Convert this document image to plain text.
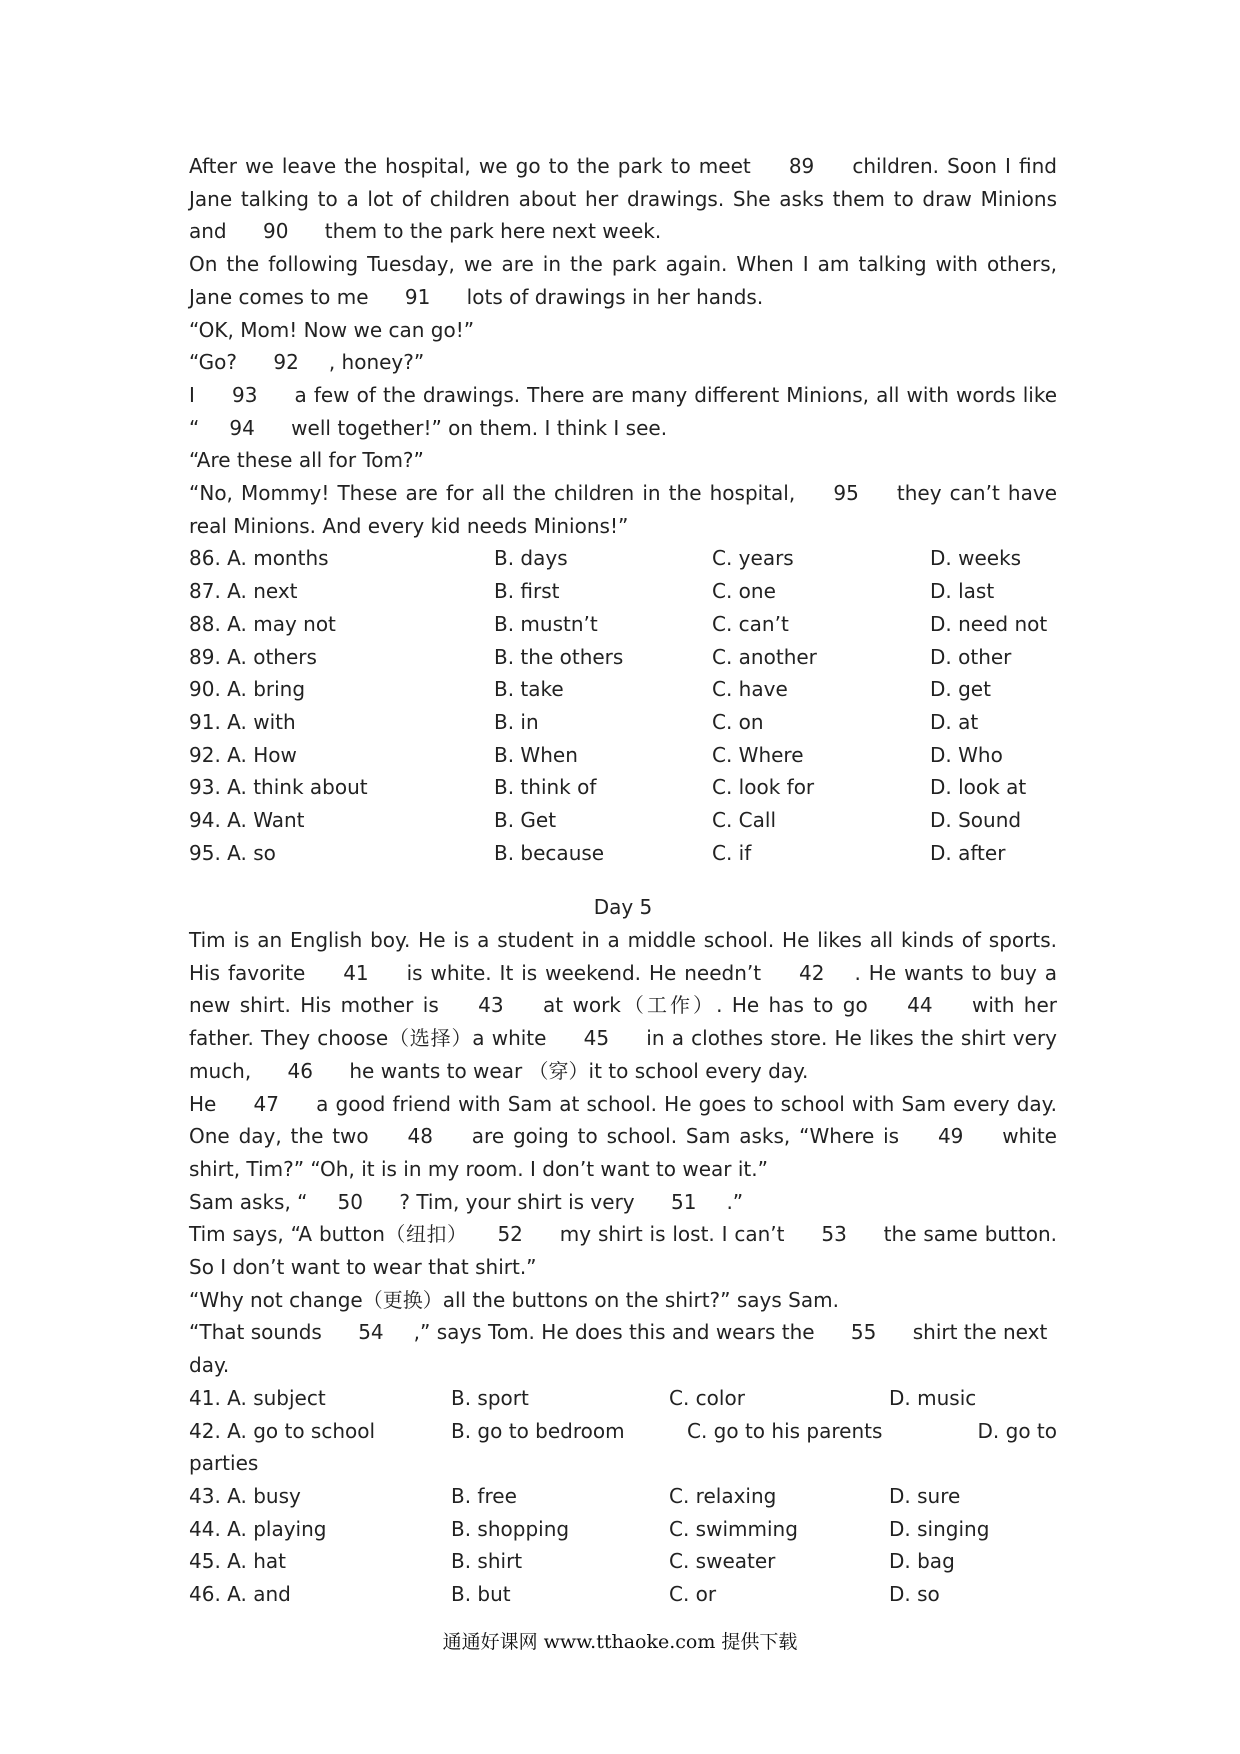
After we leave the hospital, we go to the park to meet 89 children. Soon I find Jane talking to a lot of children about her drawings. She asks them to draw Minions and 90 them to the park here next week.

On the following Tuesday, we are in the park again. When I am talking with others, Jane comes to me 91 lots of drawings in her hands.

“OK, Mom! Now we can go!”

“Go? 92 , honey?”

I 93 a few of the drawings. There are many different Minions, all with words like “ 94 well together!” on them. I think I see.

“Are these all for Tom?”

“No, Mommy! These are for all the children in the hospital, 95 they can’t have real Minions. And every kid needs Minions!”

86. A. months	B. days	C. years	D. weeks
87. A. next	B. first	C. one	D. last
88. A. may not	B. mustn’t	C. can’t	D. need not
89. A. others	B. the others	C. another	D. other
90. A. bring	B. take	C. have	D. get
91. A. with	B. in	C. on	D. at
92. A. How	B. When	C. Where	D. Who
93. A. think about	B. think of	C. look for	D. look at
94. A. Want	B. Get	C. Call	D. Sound
95. A. so	B. because	C. if	D. after

Day 5

Tim is an English boy. He is a student in a middle school. He likes all kinds of sports. His favorite 41 is white. It is weekend. He needn’t 42 . He wants to buy a new shirt. His mother is 43 at work（工作）. He has to go 44 with her father. They choose（选择）a white 45 in a clothes store. He likes the shirt very much, 46 he wants to wear （穿）it to school every day.

He 47 a good friend with Sam at school. He goes to school with Sam every day. One day, the two 48 are going to school. Sam asks, “Where is 49 white shirt, Tim?” “Oh, it is in my room. I don’t want to wear it.”

Sam asks, “ 50 ? Tim, your shirt is very 51 .”

Tim says, “A button（纽扣） 52 my shirt is lost. I can’t 53 the same button. So I don’t want to wear that shirt.”

“Why not change（更换）all the buttons on the shirt?” says Sam.

“That sounds 54 ,” says Tom. He does this and wears the 55 shirt the next day.

41. A. subject	B. sport	C. color	D. music
42. A. go to school	B. go to bedroom	C. go to his parents	D. go to

parties

43. A. busy	B. free	C. relaxing	D. sure
44. A. playing	B. shopping	C. swimming	D. singing
45. A. hat	B. shirt	C. sweater	D. bag
46. A. and	B. but	C. or	D. so
通通好课网 www.tthaoke.com 提供下载
